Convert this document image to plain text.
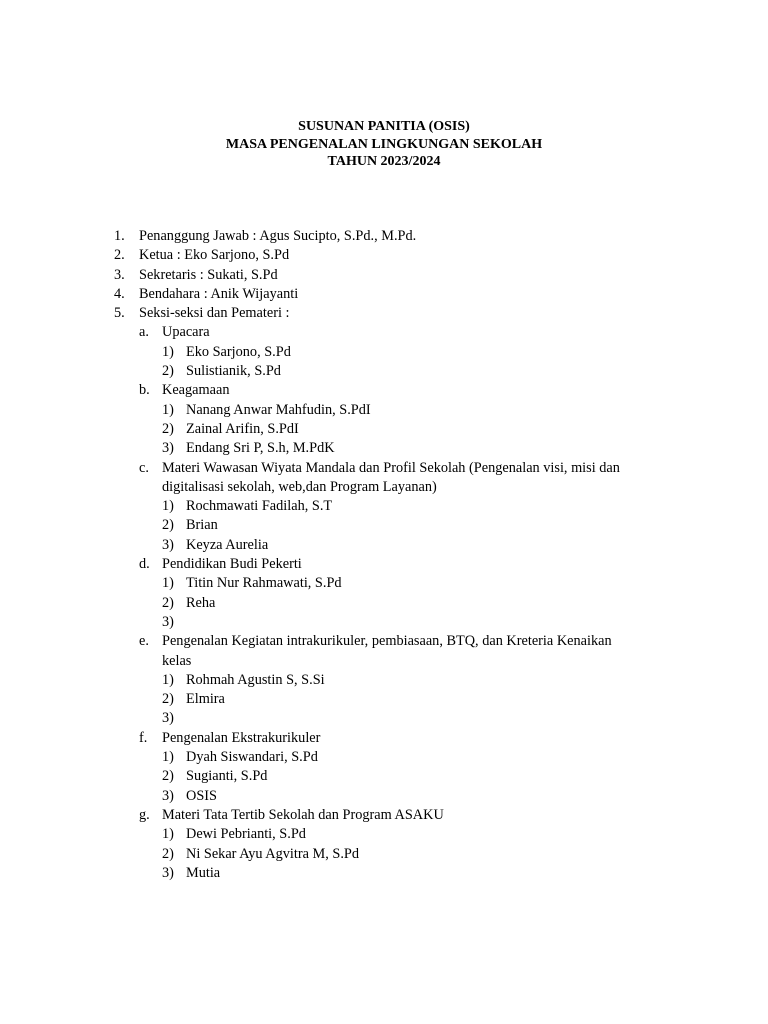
SUSUNAN PANITIA (OSIS)
MASA PENGENALAN LINGKUNGAN SEKOLAH
TAHUN 2023/2024
1. Penanggung Jawab : Agus Sucipto, S.Pd., M.Pd.
2. Ketua : Eko Sarjono, S.Pd
3. Sekretaris : Sukati, S.Pd
4. Bendahara : Anik Wijayanti
5. Seksi-seksi dan Pemateri :
a. Upacara
1) Eko Sarjono, S.Pd
2) Sulistianik, S.Pd
b. Keagamaan
1) Nanang Anwar Mahfudin, S.PdI
2) Zainal Arifin, S.PdI
3) Endang Sri P, S.h, M.PdK
c. Materi Wawasan Wiyata Mandala dan Profil Sekolah (Pengenalan visi, misi dan
digitalisasi sekolah, web,dan Program Layanan)
1) Rochmawati Fadilah, S.T
2) Brian
3) Keyza Aurelia
d. Pendidikan Budi Pekerti
1) Titin Nur Rahmawati, S.Pd
2) Reha
3)
e. Pengenalan Kegiatan intrakurikuler, pembiasaan, BTQ, dan Kreteria Kenaikan
kelas
1) Rohmah Agustin S, S.Si
2) Elmira
3)
f. Pengenalan Ekstrakurikuler
1) Dyah Siswandari, S.Pd
2) Sugianti, S.Pd
3) OSIS
g. Materi Tata Tertib Sekolah dan Program ASAKU
1) Dewi Pebrianti, S.Pd
2) Ni Sekar Ayu Agvitra M, S.Pd
3) Mutia
